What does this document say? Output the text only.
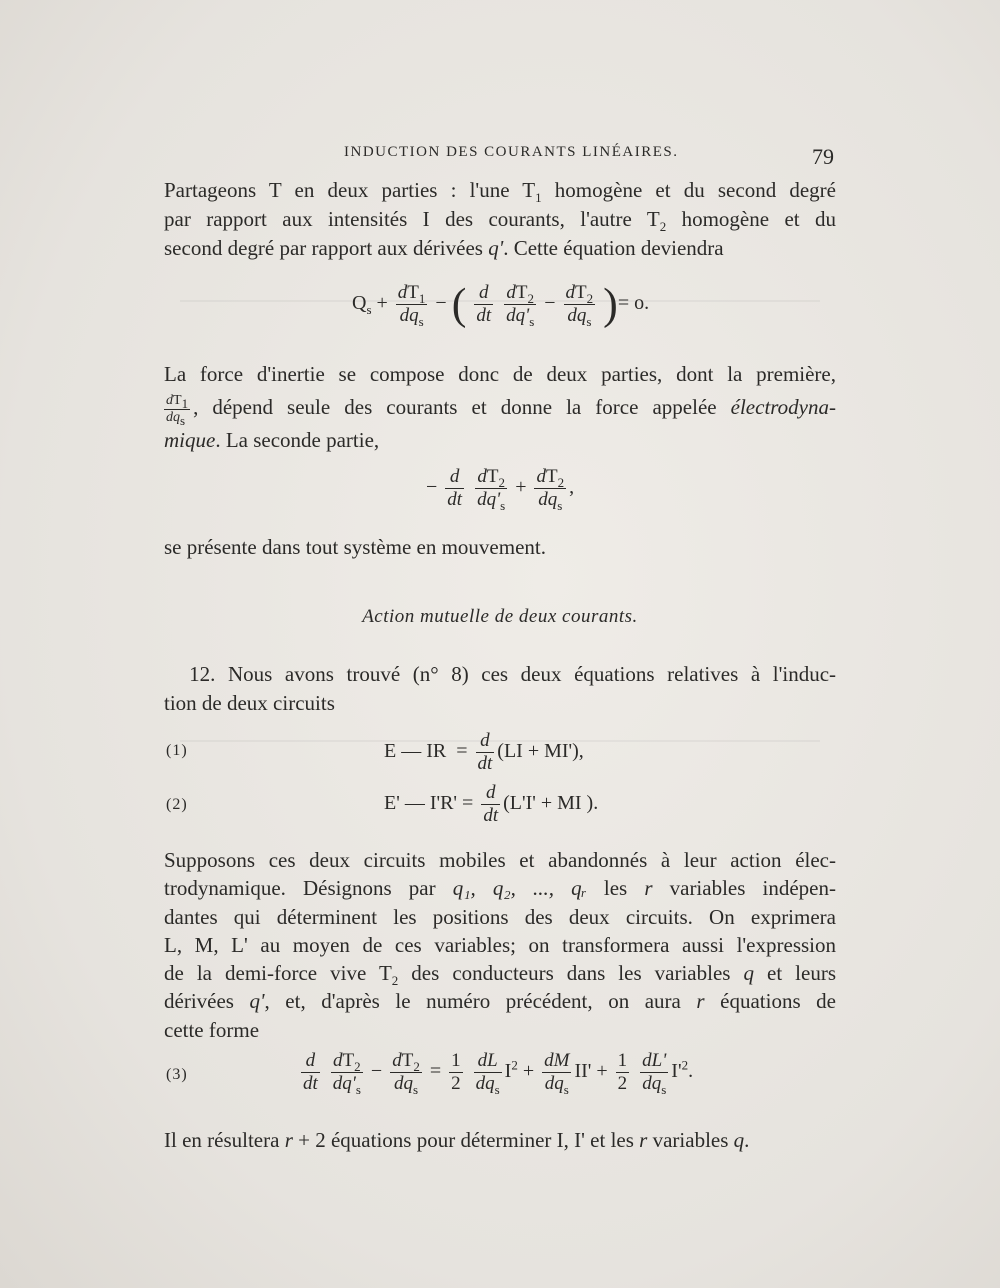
INDUCTION DES COURANTS LINÉAIRES.	79
Partageons T en deux parties : l'une $T_1$ homogène et du second degré
par rapport aux intensités I des courants, l'autre $T_2$ homogène et du
second degré par rapport aux dérivées q'. Cette équation deviendra
$Q_s + \frac{dT_1}{dq_s}$ − ( $\frac{d}{dt}$
$\frac{dT_2}{dq'_s} - \frac{dT_2}{dq_s}$ )= o.
La force d'inertie se compose donc de deux parties, dont la première,
$\frac{dT_1}{dq_s}$ , dépend seule des courants et donne la force appelée électrodyna-
mique. La seconde partie,
− $\frac{d}{dt}$
$\frac{dT_2}{dq'_s} + \frac{dT_2}{dq_s}$ ,
se présente dans tout système en mouvement.
Action mutuelle de deux courants.
12. Nous avons trouvé (n° 8) ces deux équations relatives à l'induc-
tion de deux circuits
(1)	E — IR = $\frac{d}{dt} (LI + MI')$,
(2)	E' — $I'R' = \frac{d}{dt} (L'I'$ + MI ).
Supposons ces deux circuits mobiles et abandonnés à leur action élec-
trodynamique. Désignons par q₁, q₂, ..., qᵣ les r variables indépen-
dantes qui déterminent les positions des deux circuits. On exprimera
L, M, L' au moyen de ces variables; on transformera aussi l'expression
de la demi-force vive $T_2$ des conducteurs dans les variables q et leurs
dérivées q', et, d'après le numéro précédent, on aura r équations de
cette forme
(3)	$\frac{d}{dt}$
$\frac{dT_2}{dq'_s} - \frac{dT_2}{dq_s} = \frac{1}{2}$
$\frac{dL}{dq_s} I^2 + \frac{dM}{dq_s} II' + \frac{1}{2}$
$\frac{dL'}{dq_s} I'^2$.
Il en résultera r + 2 équations pour déterminer I, I' et les r variables q.
